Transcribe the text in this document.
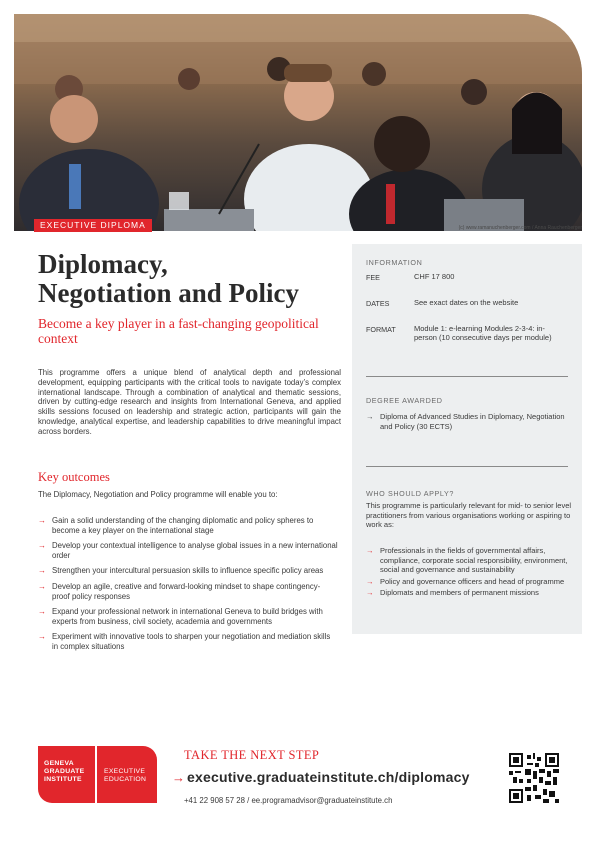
EXECUTIVE DIPLOMA	(c) www.ramanuchenberger.com / Anna Rauchenberger
Diplomacy,
Negotiation and Policy
Become a key player in a fast-changing geopolitical context

This programme offers a unique blend of analytical depth and professional development, equipping participants with the critical tools to navigate today’s complex international landscape. Through a combination of analytical and thematic sessions, driven by cutting-edge research and insights from International Geneva, and applied skills sessions focused on leadership and strategic action, participants will gain the knowledge, analytical expertise, and leadership capabilities to drive meaningful impact across borders.

Key outcomes
The Diplomacy, Negotiation and Policy programme will enable you to:
→ Gain a solid understanding of the changing diplomatic and policy spheres to become a key player on the international stage
→ Develop your contextual intelligence to analyse global issues in a new international order
→ Strengthen your intercultural persuasion skills to influence specific policy areas
→ Develop an agile, creative and forward-looking mindset to shape contingency-proof policy responses
→ Expand your professional network in international Geneva to build bridges with experts from business, civil society, academia and governments
→ Experiment with innovative tools to sharpen your negotiation and mediation skills in complex situations
INFORMATION
FEE	CHF 17 800
DATES	See exact dates on the website
FORMAT Module 1: e-learning Modules 2-3-4: in-person (10 consecutive days per module)
DEGREE AWARDED
→ Diploma of Advanced Studies in Diplomacy, Negotiation and Policy (30 ECTS)
WHO SHOULD APPLY?
This programme is particularly relevant for mid- to senior level practitioners from various organisations working or aspiring to work as:
→ Professionals in the fields of governmental affairs, compliance, corporate social responsibility, environment, social and governance and sustainability
→ Policy and governance officers and head of programme
→ Diplomats and members of permanent missions
GENEVA
GRADUATE
INSTITUTE
EXECUTIVE
EDUCATION
TAKE THE NEXT STEP
→ executive.graduateinstitute.ch/diplomacy
+41 22 908 57 28 / ee.programadvisor@graduateinstitute.ch
